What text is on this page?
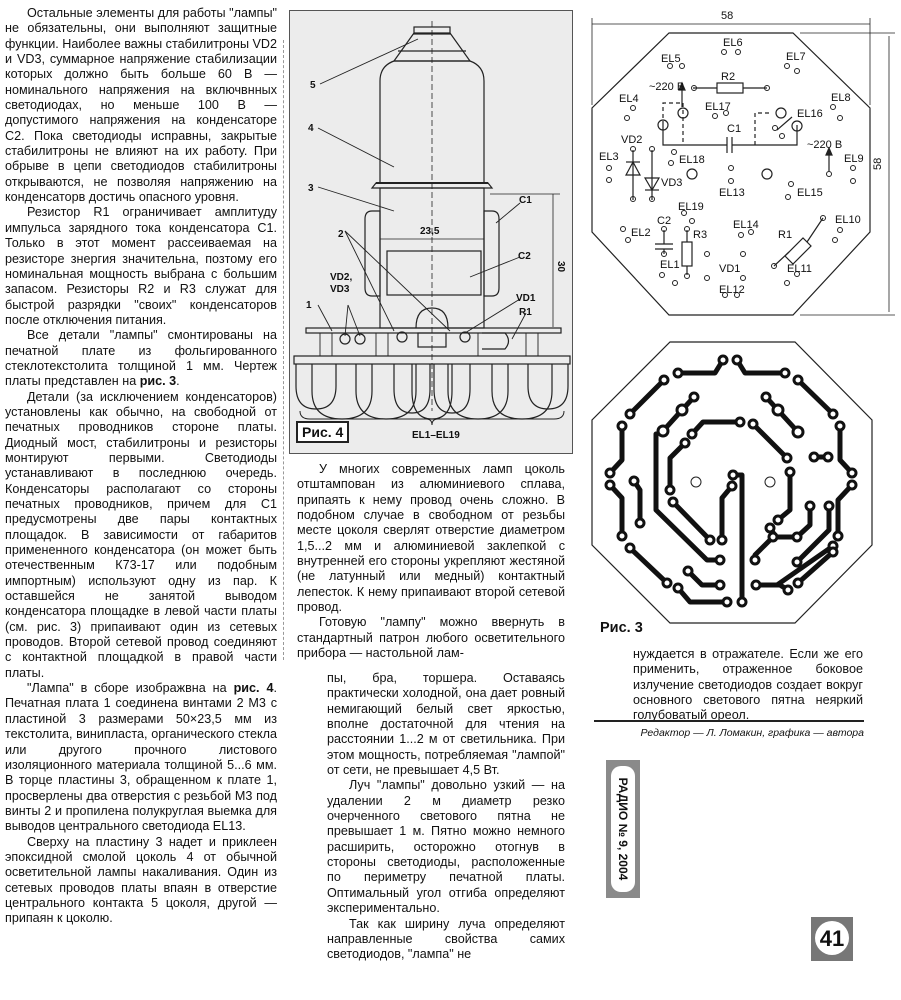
Остальные элементы для работы "лампы" не обязательны, они выполняют защитные функции. Наиболее важны стабилитроны VD2 и VD3, суммарное напряжение стабилизации которых должно быть больше 60 В — номинального напряжения на включвнных светодиодах, но меньше 100 В — допустимого напряжения на конденсаторе С2. Пока светодиоды исправны, закрытые стабилитроны не влияют на их работу. При обрыве в цепи светодиодов стабилитроны открываются, не позволяя напряжению на конденсаторв достичь опасного уровня.

Резистор R1 ограничивает амплитуду импульса зарядного тока конденсатора С1. Только в этот момент рассеиваемая на резисторе знергия значительна, позтому его номинальная мощность выбрана с большим запасом. Резисторы R2 и R3 служат для быстрой разрядки "своих" конденсаторов после отключения питания.

Все детали "лампы" смонтированы на печатной плате из фольгированного стеклотекстолита толщиной 1 мм. Чертеж платы представлен на рис. 3.

Детали (за исключением конденсаторов) установлены как обычно, на свободной от печатных проводников стороне платы. Диодный мост, стабилитроны и резисторы монтируют первыми. Светодиоды устанавливают в последнюю очередь. Конденсаторы располагают со стороны печатных проводников, причем для С1 предусмотрены две пары контактных площадок. В зависимости от габаритов примененного конденсатора (он может быть отечественным К73-17 или подобным импортным) используют одну из пар. К оставшейся не занятой выводом конденсатора площадке в левой части платы (см. рис. 3) припаивают один из сетевых проводов. Второй сетевой провод соединяют с контактной площадкой в правой части платы.

"Лампа" в сборе изображвна на рис. 4. Печатная плата 1 соединена винтами 2 М3 с пластиной 3 размерами 50×23,5 мм из текстолита, винипласта, органического стекла или другого прочного листового изоляционного материала толщиной 5...6 мм. В торце пластины 3, обращенном к плате 1, просверлены два отверстия с резьбой М3 под винты 2 и пропилена полукруглая выемка для выводов центрального светодиода EL13.

Сверху на пластину 3 надет и приклеен эпоксидной смолой цоколь 4 от обычной осветительной лампы накаливания. Один из сетевых проводов платы впаян в отверстие центрального контакта 5 цоколя, другой — припаян к цоколю.

5
4
3
2
1
C1
C2
VD1
VD2,
VD3
R1
23,5
30
EL1–EL19
Рис. 4

У многих современных ламп цоколь отштампован из алюминиевого сплава, припаять к нему провод очень сложно. В подобном случае в свободном от резьбы месте цоколя сверлят отверстие диаметром 1,5...2 мм и алюминиевой заклепкой с внутренней его стороны укрепляют жестяной (не латунный или медный) контактный лепесток. К нему припаивают второй сетевой провод.

Готовую "лампу" можно ввернуть в стандартный патрон любого осветительного прибора — настольной лам-

пы, бра, торшера. Оставаясь практически холодной, она дает ровный немигающий белый свет яркостью, вполне достаточной для чтения на расстоянии 1...2 м от светильника. При этом мощность, потребляемая "лампой" от сети, не превышает 4,5 Вт.

Луч "лампы" довольно узкий — на удалении 2 м диаметр резко очерченного светового пятна не превышает 1 м. Пятно можно немного расширить, осторожно отогнув в стороны светодиоды, расположенные по периметру печатной платы. Оптимальный угол отгиба определяют экспериментально.

Так как ширину луча определяют направленные свойства самих светодиодов, "лампа" не

58
58
R2
C1
~220 В
~220 В
VD2
VD3
C2
R3	R1
VD1
EL1
EL2
EL3
EL4
EL5
EL6
EL7
EL8
EL9
EL10
EL11
EL12
EL13
EL14
EL15
EL16
EL17
EL18
EL19
Рис. 3

нуждается в отражателе. Если же его применить, отраженное боковое излучение светодиодов создает вокруг основного светового пятна неяркий голубоватый ореол.

Редактор — Л. Ломакин, графика — автора
РАДИО № 9, 2004
41
